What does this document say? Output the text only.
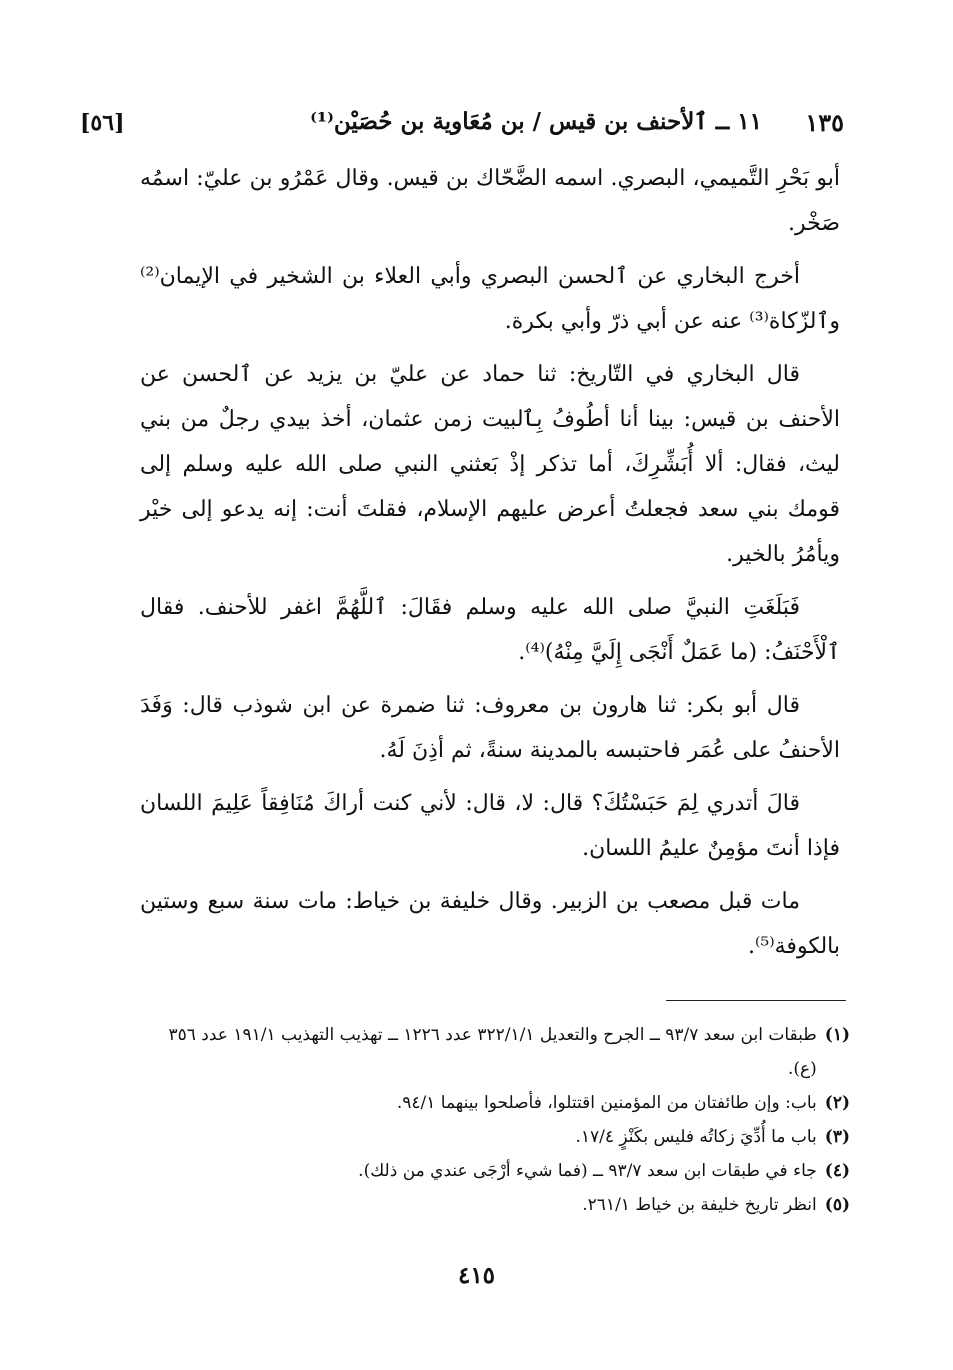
١٣٥
١١ ــ ٱلأحنف بن قيس / بن مُعَاوية بن حُصَيْن⁽¹⁾
[٥٦]

أبو بَحْرِ التَّميمي، البصري. اسمه الضَّحّاك بن قيس. وقال عَمْرُو بن عليّ: اسمُه صَخْر.

أخرج البخاري عن ٱلحسن البصري وأبي العلاء بن الشخير في الإيمان⁽²⁾ وٱلزّكاة⁽³⁾ عنه عن أبي ذرّ وأبي بكرة.

قال البخاري في التّاريخ: ثنا حماد عن عليّ بن يزيد عن ٱلحسن عن الأحنف بن قيس: بينا أنا أطُوفُ بِٱلبيت زمن عثمان، أخذ بيدي رجلٌ من بني ليث، فقال: ألا أُبَشِّرِكَ، أما تذكر إذْ بَعثني النبي صلى الله عليه وسلم إلى قومك بني سعد فجعلتُ أعرض عليهم الإسلام، فقلتَ أنت: إنه يدعو إلى خيْر ويأمُرُ بالخير.

فَبَلَغَتِ النبيَّ صلى الله عليه وسلم فقَالَ: ٱللَّهُمَّ اغفر للأحنف. فقال ٱلْأَحْنَفُ: (ما عَمَلٌ أَنْجَى إِلَيَّ مِنْهُ)⁽⁴⁾.

قال أبو بكر: ثنا هارون بن معروف: ثنا ضمرة عن ابن شوذب قال: وَفَدَ الأحنفُ على عُمَر فاحتبسه بالمدينة سنةً، ثم أذِنَ لَهُ.

قالَ أتدري لِمَ حَبَسْتُكَ؟ قال: لا، قال: لأني كنت أراكَ مُنَافِقاً عَلِيمَ اللسان فإذا أنتَ مؤمِنٌ عليمُ اللسان.

مات قبل مصعب بن الزبير. وقال خليفة بن خياط: مات سنة سبع وستين بالكوفة⁽⁵⁾.

(١)
طبقات ابن سعد ٩٣/٧ ــ الجرح والتعديل ٣٢٢/١/١ عدد ١٢٢٦ ــ تهذيب التهذيب ١٩١/١ عدد ٣٥٦ (ع).

(٢)
باب: وإن طائفتان من المؤمنين اقتتلوا، فأصلحوا بينهما ٩٤/١.

(٣)
باب ما أُدِّيَ زكاتُه فليس بكَنْزٍ ١٧/٤.

(٤)
جاء في طبقات ابن سعد ٩٣/٧ ــ (فما شيء أرْجَى عندي من ذلك).

(٥)
انظر تاريخ خليفة بن خياط ٢٦١/١.

٤١٥
